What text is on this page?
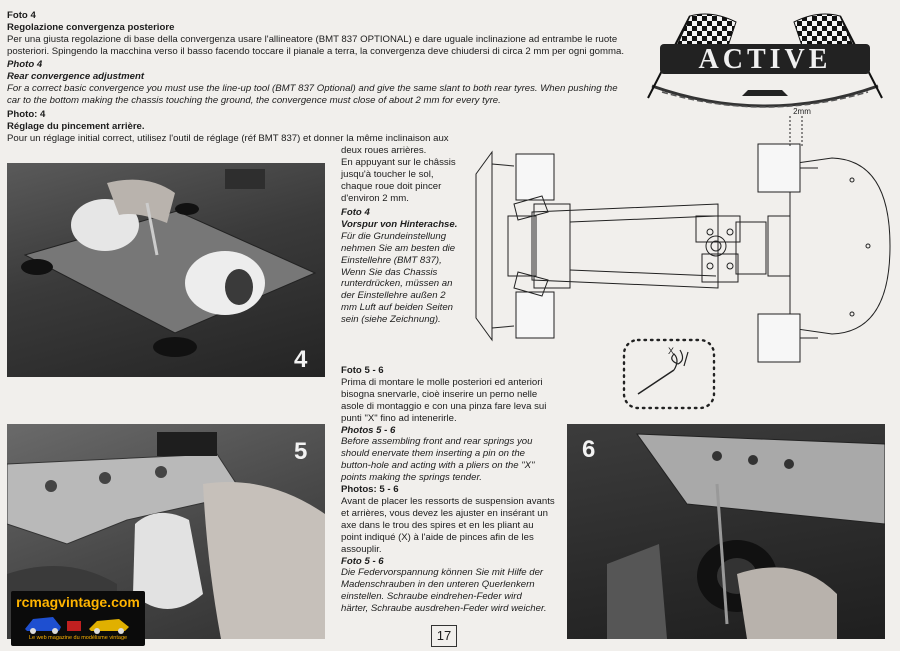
ACTIVE
Foto 4
Regolazione convergenza posteriore
Per una giusta regolazione di base della convergenza usare l'allineatore (BMT 837 OPTIONAL) e dare uguale inclinazione ad entrambe le ruote
posteriori. Spingendo la macchina verso il basso facendo toccare il pianale a terra, la convergenza deve chiudersi di circa 2 mm per ogni gomma.
Photo 4
Rear convergence adjustment
For a correct basic convergence you must use the line-up tool (BMT 837 Optional) and give the same slant to both rear tyres. When pushing the
car to the bottom making the chassis touching the ground, the convergence must close of about 2 mm for every tyre.
Photo: 4
Réglage du pincement arrière.
Pour un réglage initial correct, utilisez l'outil de réglage (réf BMT 837) et donner la même inclinaison aux
deux roues arrières.
En appuyant sur le châssis
jusqu'à toucher le sol,
chaque roue doit pincer
d'environ 2 mm.
Foto 4
Vorspur von Hinterachse.
Für die Grundeinstellung
nehmen Sie am besten die
Einstellehre (BMT 837),
Wenn Sie das Chassis
runterdrücken, müssen an
der Einstellehre außen 2
mm Luft auf beiden Seiten
sein (siehe Zeichnung).
2mm
X
4
5	6
Foto 5 - 6
Prima di montare le molle posteriori ed anteriori
bisogna snervarle, cioè inserire un perno nelle
asole di montaggio e con una pinza fare leva sui
punti "X" fino ad intenerirle.
Photos 5 - 6
Before assembling front and rear springs you
should enervate them inserting a pin on the
button-hole and acting with a pliers on the "X"
points making the springs tender.
Photos: 5 - 6
Avant de placer les ressorts de suspension avants
et arrières, vous devez les ajuster en insérant un
axe dans le trou des spires et en les pliant au
point indiqué (X) à l'aide de pinces afin de les
assouplir.
Foto 5 - 6
Die Federvorspannung können Sie mit Hilfe der
Madenschrauben in den unteren Querlenkern
einstellen. Schraube eindrehen-Feder wird
härter, Schraube ausdrehen-Feder wird weicher.
17
rcmagvintage.com
Le web magazine du modélisme vintage
